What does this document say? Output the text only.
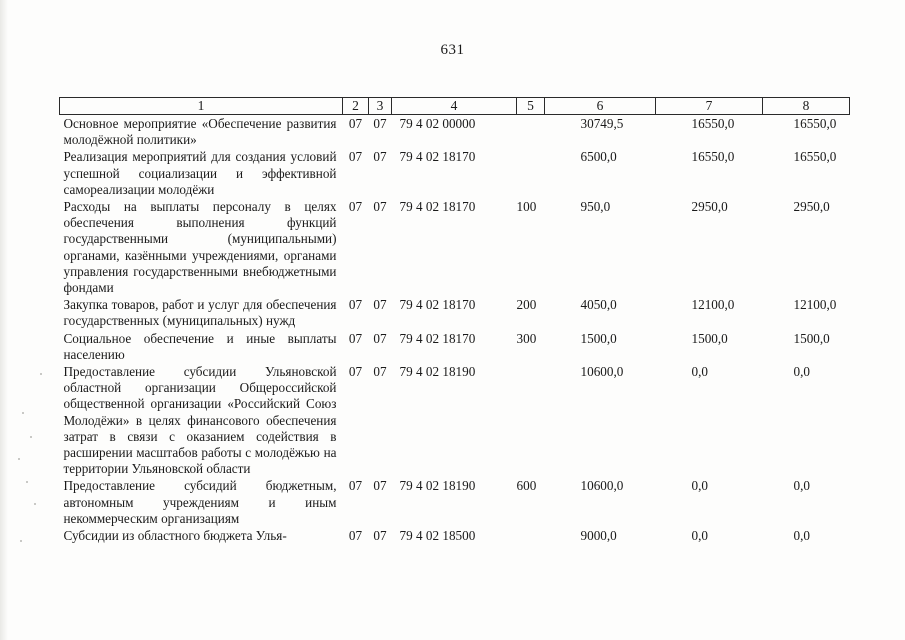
631
1	2	3	4	5	6	7	8
Основное мероприятие «Обеспечение развития молодёжной политики»	07	07	79 4 02 00000		30749,5	16550,0	16550,0
Реализация мероприятий для создания условий успешной социализации и эффективной самореализации молодёжи	07	07	79 4 02 18170		6500,0	16550,0	16550,0
Расходы на выплаты персоналу в целях обеспечения выполнения функций государственными (муниципальными) органами, казёнными учреждениями, органами управления государственными внебюджетными фондами	07	07	79 4 02 18170	100	950,0	2950,0	2950,0
Закупка товаров, работ и услуг для обеспечения государственных (муниципальных) нужд	07	07	79 4 02 18170	200	4050,0	12100,0	12100,0
Социальное обеспечение и иные выплаты населению	07	07	79 4 02 18170	300	1500,0	1500,0	1500,0
Предоставление субсидии Ульяновской областной организации Общероссийской общественной организации «Российский Союз Молодёжи» в целях финансового обеспечения затрат в связи с оказанием содействия в расширении масштабов работы с молодёжью на территории Ульяновской области	07	07	79 4 02 18190		10600,0	0,0	0,0
Предоставление субсидий бюджетным, автономным учреждениям и иным некоммерческим организациям	07	07	79 4 02 18190	600	10600,0	0,0	0,0
Субсидии из областного бюджета Улья-	07	07	79 4 02 18500		9000,0	0,0	0,0
